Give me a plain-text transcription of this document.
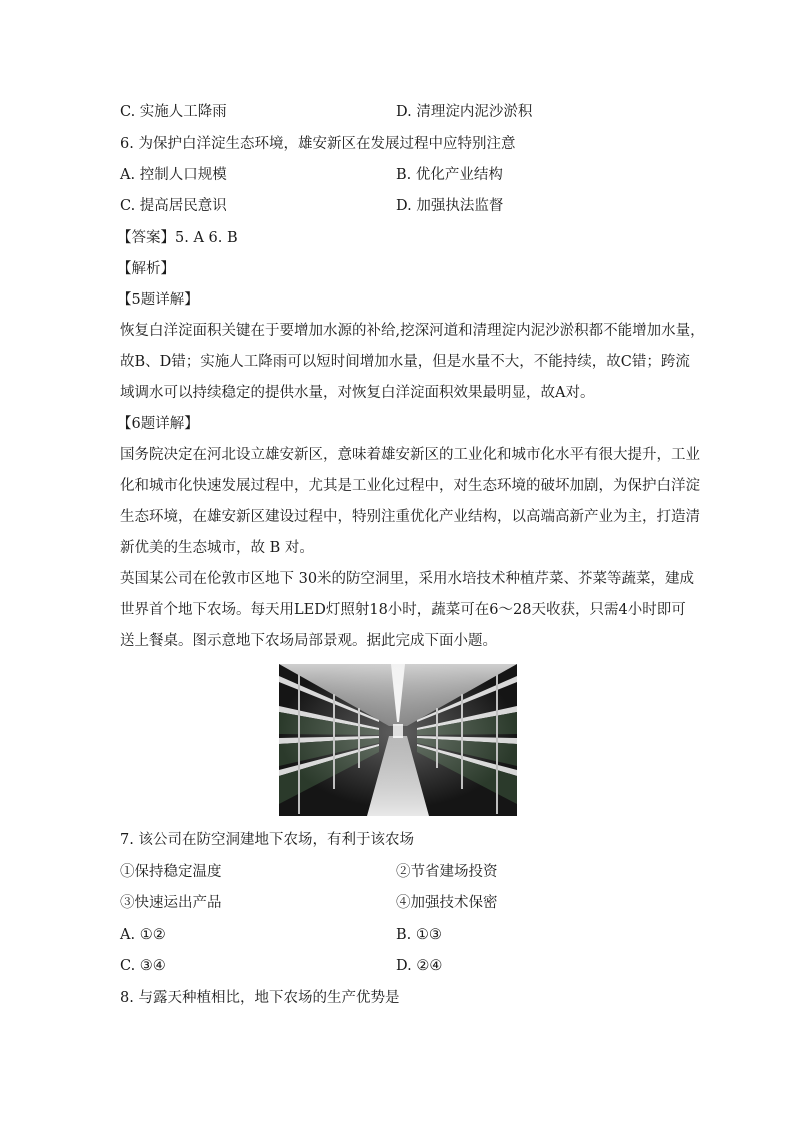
C. 实施人工降雨	D. 清理淀内泥沙淤积
6. 为保护白洋淀生态环境，雄安新区在发展过程中应特别注意
A. 控制人口规模	B. 优化产业结构
C. 提高居民意识	D. 加强执法监督
【答案】5. A 6. B
【解析】
【5题详解】
恢复白洋淀面积关键在于要增加水源的补给,挖深河道和清理淀内泥沙淤积都不能增加水量，
故B、D错；实施人工降雨可以短时间增加水量，但是水量不大，不能持续，故C错；跨流
域调水可以持续稳定的提供水量，对恢复白洋淀面积效果最明显，故A对。
【6题详解】
国务院决定在河北设立雄安新区，意味着雄安新区的工业化和城市化水平有很大提升，工业
化和城市化快速发展过程中，尤其是工业化过程中，对生态环境的破坏加剧，为保护白洋淀
生态环境，在雄安新区建设过程中，特别注重优化产业结构，以高端高新产业为主，打造清
新优美的生态城市，故 B 对。
英国某公司在伦敦市区地下 30米的防空洞里，采用水培技术种植芹菜、芥菜等蔬菜，建成
世界首个地下农场。每天用LED灯照射18小时，蔬菜可在6～28天收获，只需4小时即可
送上餐桌。图示意地下农场局部景观。据此完成下面小题。
7. 该公司在防空洞建地下农场，有利于该农场
①保持稳定温度	②节省建场投资
③快速运出产品	④加强技术保密
A. ①②	B. ①③
C. ③④	D. ②④
8. 与露天种植相比，地下农场的生产优势是
